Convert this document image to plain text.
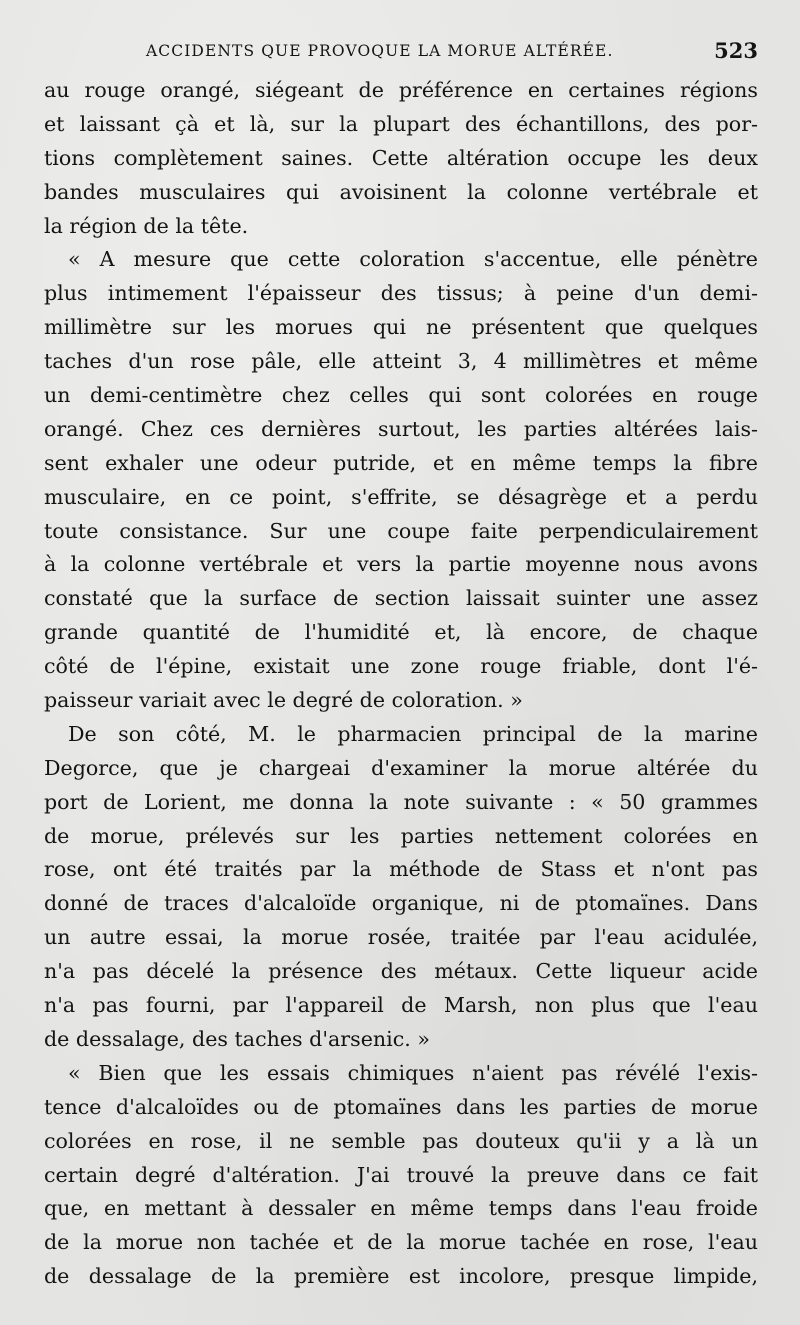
ACCIDENTS QUE PROVOQUE LA MORUE ALTÉRÉE.	523
au rouge orangé, siégeant de préférence en certaines régions
et laissant çà et là, sur la plupart des échantillons, des por-
tions complètement saines. Cette altération occupe les deux
bandes musculaires qui avoisinent la colonne vertébrale et
la région de la tête.
« A mesure que cette coloration s'accentue, elle pénètre
plus intimement l'épaisseur des tissus; à peine d'un demi-
millimètre sur les morues qui ne présentent que quelques
taches d'un rose pâle, elle atteint 3, 4 millimètres et même
un demi-centimètre chez celles qui sont colorées en rouge
orangé. Chez ces dernières surtout, les parties altérées lais-
sent exhaler une odeur putride, et en même temps la fibre
musculaire, en ce point, s'effrite, se désagrège et a perdu
toute consistance. Sur une coupe faite perpendiculairement
à la colonne vertébrale et vers la partie moyenne nous avons
constaté que la surface de section laissait suinter une assez
grande quantité de l'humidité et, là encore, de chaque
côté de l'épine, existait une zone rouge friable, dont l'é-
paisseur variait avec le degré de coloration. »
De son côté, M. le pharmacien principal de la marine
Degorce, que je chargeai d'examiner la morue altérée du
port de Lorient, me donna la note suivante : « 50 grammes
de morue, prélevés sur les parties nettement colorées en
rose, ont été traités par la méthode de Stass et n'ont pas
donné de traces d'alcaloïde organique, ni de ptomaïnes. Dans
un autre essai, la morue rosée, traitée par l'eau acidulée,
n'a pas décelé la présence des métaux. Cette liqueur acide
n'a pas fourni, par l'appareil de Marsh, non plus que l'eau
de dessalage, des taches d'arsenic. »
« Bien que les essais chimiques n'aient pas révélé l'exis-
tence d'alcaloïdes ou de ptomaïnes dans les parties de morue
colorées en rose, il ne semble pas douteux qu'ii y a là un
certain degré d'altération. J'ai trouvé la preuve dans ce fait
que, en mettant à dessaler en même temps dans l'eau froide
de la morue non tachée et de la morue tachée en rose, l'eau
de dessalage de la première est incolore, presque limpide,
